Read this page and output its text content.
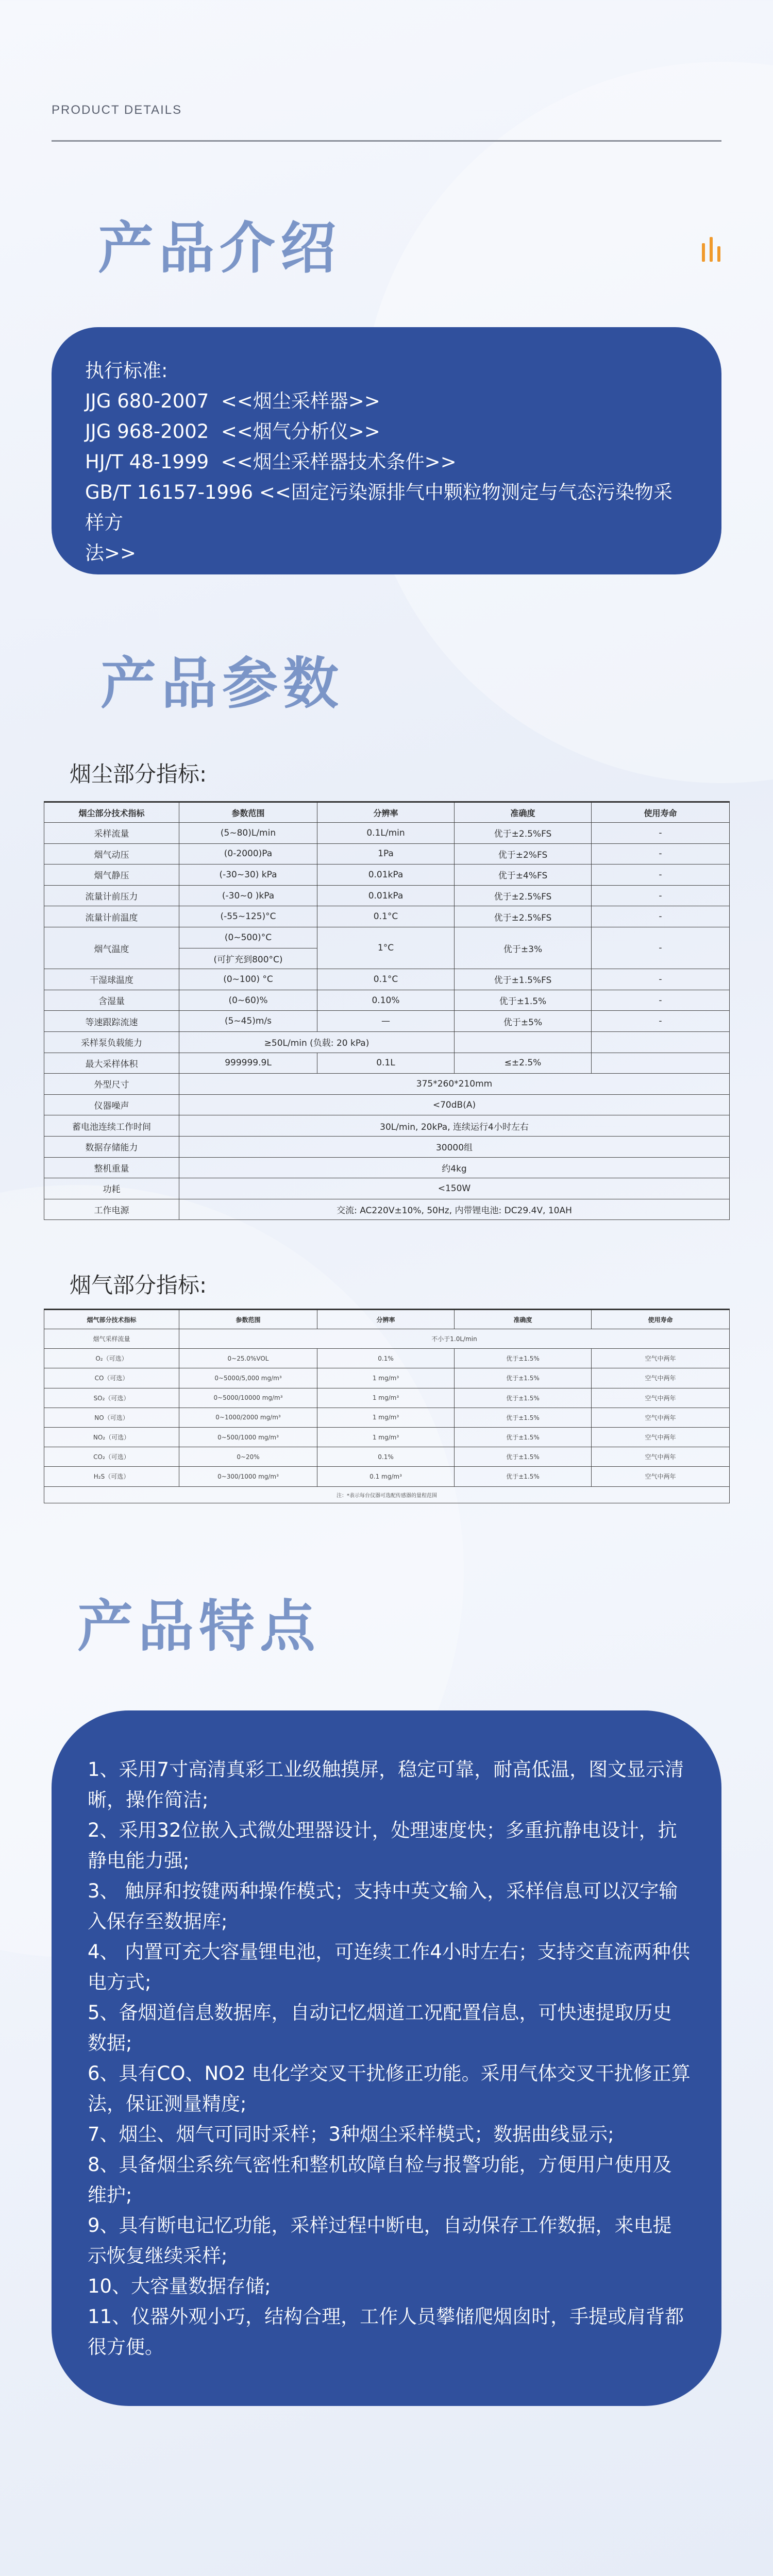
PRODUCT DETAILS
产品介绍
执行标准:
JJG 680-2007  <<烟尘采样器>>
JJG 968-2002  <<烟气分析仪>>
HJ/T 48-1999  <<烟尘采样器技术条件>>
GB/T 16157-1996 <<固定污染源排气中颗粒物测定与气态污染物采样方
法>>
产品参数
烟尘部分指标:
烟尘部分技术指标	参数范围	分辨率	准确度	使用寿命
采样流量	(5~80)L/min	0.1L/min	优于±2.5%FS	-
烟气动压	(0-2000)Pa	1Pa	优于±2%FS	-
烟气静压	(-30~30) kPa	0.01kPa	优于±4%FS	-
流量计前压力	(-30~0 )kPa	0.01kPa	优于±2.5%FS	-
流量计前温度	(-55~125)°C	0.1°C	优于±2.5%FS	-
烟气温度	(0~500)°C	1°C	优于±3%	-
	(可扩充到800°C)			
干湿球温度	(0~100) °C	0.1°C	优于±1.5%FS	-
含湿量	(0~60)%	0.10%	优于±1.5%	-
等速跟踪流速	(5~45)m/s	—	优于±5%	-
采样泵负载能力	≥50L/min (负载: 20 kPa)			
最大采样体积	999999.9L	0.1L	≤±2.5%	
外型尺寸	375*260*210mm			
仪器噪声	<70dB(A)			
蓄电池连续工作时间	30L/min, 20kPa, 连续运行4小时左右			
数据存储能力	30000组			
整机重量	约4kg			
功耗	<150W			
工作电源	交流: AC220V±10%, 50Hz, 内带锂电池: DC29.4V, 10AH			
烟气部分指标:
烟气部分技术指标	参数范围	分辨率	准确度	使用寿命
烟气采样流量	不小于1.0L/min			
O₂（可选）	0~25.0%VOL	0.1%	优于±1.5%	空气中两年
CO（可选）	0~5000/5,000 mg/m³	1 mg/m³	优于±1.5%	空气中两年
SO₂（可选）	0~5000/10000 mg/m³	1 mg/m³	优于±1.5%	空气中两年
NO（可选）	0~1000/2000 mg/m³	1 mg/m³	优于±1.5%	空气中两年
NO₂（可选）	0~500/1000 mg/m³	1 mg/m³	优于±1.5%	空气中两年
CO₂（可选）	0~20%	0.1%	优于±1.5%	空气中两年
H₂S（可选）	0~300/1000 mg/m³	0.1 mg/m³	优于±1.5%	空气中两年
注：*表示每台仪器可选配传感器的量程范围				
产品特点
1、采用7寸高清真彩工业级触摸屏，稳定可靠，耐高低温，图文显示清晰，操作简洁;
2、采用32位嵌入式微处理器设计，处理速度快；多重抗静电设计，抗静电能力强;
3、 触屏和按键两种操作模式；支持中英文输入，采样信息可以汉字输入保存至数据库;
4、 内置可充大容量锂电池，可连续工作4小时左右；支持交直流两种供电方式;
5、备烟道信息数据库，自动记忆烟道工况配置信息，可快速提取历史数据;
6、具有CO、NO2 电化学交叉干扰修正功能。采用气体交叉干扰修正算法，保证测量精度;
7、烟尘、烟气可同时采样；3种烟尘采样模式；数据曲线显示;
8、具备烟尘系统气密性和整机故障自检与报警功能，方便用户使用及维护;
9、具有断电记忆功能，采样过程中断电，自动保存工作数据，来电提示恢复继续采样;
10、大容量数据存储;
11、仪器外观小巧，结构合理，工作人员攀储爬烟囱时，手提或肩背都很方便。
